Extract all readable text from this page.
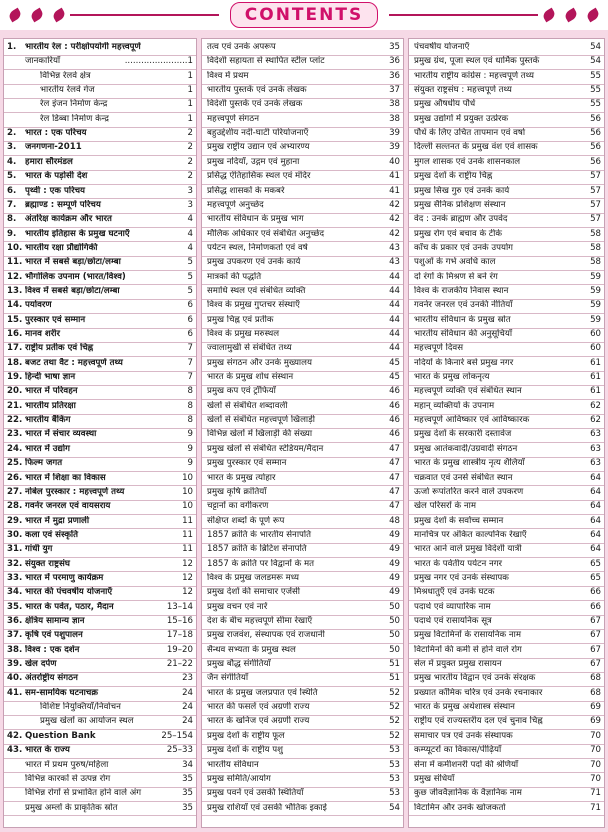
CONTENTS
1.	भारतीय रेल : परीक्षोपयोगी महत्त्वपूर्ण
जानकारियाँ	.......................1
विभिन्न रेलवे क्षेत्र	1
भारतीय रेलवे गेज	1
रेल इंजन निर्माण केन्द्र	1
रेल डिब्बा निर्माण केन्द्र	1
2.	भारत : एक परिचय	2
3.	जनगणना-2011	2
4.	हमारा सौरमंडल	2
5.	भारत के पड़ोसी देश	2
6.	पृथ्वी : एक परिचय	3
7.	ब्रह्माण्ड : सम्पूर्ण परिचय	3
8.	अंतरिक्ष कार्यक्रम और भारत	4
9.	भारतीय इतिहास के प्रमुख घटनाएँ	4
10. भारतीय रक्षा प्रौद्योगिकी	4
11. भारत में सबसे बड़ा/छोटा/लम्बा	5
12. भौगोलिक उपनाम (भारत/विश्व)	5
13. विश्व में सबसे बड़ा/छोटा/लम्बा	5
14. पर्यावरण	6
15. पुरस्कार एवं सम्मान	6
16. मानव शरीर	6
17. राष्ट्रीय प्रतीक एवं चिह्न	7
18. बजट तथा वैट : महत्त्वपूर्ण तथ्य	7
19. हिन्दी भाषा ज्ञान	7
20. भारत में परिवहन	8
21. भारतीय प्रतिरक्षा	8
22. भारतीय बैंकिंग	8
23. भारत में संचार व्यवस्था	9
24. भारत में उद्योग	9
25. फिल्म जगत	9
26. भारत में शिक्षा का विकास	10
27. नोबेल पुरस्कार : महत्त्वपूर्ण तथ्य	10
28. गवर्नर जनरल एवं वायसराय	10
29. भारत में मुद्रा प्रणाली	11
30. कला एवं संस्कृति	11
31. गांधी युग	11
32. संयुक्त राष्ट्रसंघ	12
33. भारत में परमाणु कार्यक्रम	12
34. भारत की पंचवर्षीय योजनाएँ	12
35. भारत के पर्वत, पठार, मैदान	13–14
36. क्षेत्रिय सामान्य ज्ञान	15–16
37. कृषि एवं पशुपालन	17–18
38. विश्व : एक दर्शन	19–20
39. खेल दर्पण	21–22
40. अंतर्राष्ट्रीय संगठन	23
41. सम-सामयिक घटनाचक्र	24
विशिष्ट नियुक्तियाँ/निर्वाचन	24
प्रमुख खेलों का आयोजन स्थल	24
42. Question Bank	25–154
43. भारत के राज्य	25–33
भारत में प्रथम पुरुष/महिला	34
विभिन्न कारकों से उत्पन्न रोग	35
विभिन्न रोगों से प्रभावित होने वाले अंग	35
प्रमुख अम्लों के प्राकृतिक स्रोत	35
तत्व एवं उनके अपरूप	35
विदेशी सहायता से स्थापित स्टील प्लांट	36
विश्व में प्रथम	36
भारतीय पुस्तकें एवं उनके लेखक	37
विदेशी पुस्तकें एवं उनके लेखक	38
महत्त्वपूर्ण संगठन	38
बहुउद्देशीय नदी-घाटी परियोजनाएँ	39
प्रमुख राष्ट्रीय उद्यान एवं अभ्यारण्य	39
प्रमुख नदियाँ, उद्गम एवं मुहाना	40
प्रसिद्ध ऐतिहासिक स्थल एवं मंदिर	41
प्रसिद्ध शासकों के मकबरे	41
महत्त्वपूर्ण अनुच्छेद	42
भारतीय संविधान के प्रमुख भाग	42
मौलिक अधिकार एवं संबंधित अनुच्छेद	42
पर्यटन स्थल, निर्माणकर्ता एवं वर्ष	43
प्रमुख उपकरण एवं उनके कार्य	43
मात्रकों की पद्धति	44
समाधि स्थल एवं संबंधित व्यक्ति	44
विश्व के प्रमुख गुप्तचर संस्थाएँ	44
प्रमुख चिह्न एवं प्रतीक	44
विश्व के प्रमुख मरुस्थल	44
ज्वालामुखी से संबंधित तथ्य	44
प्रमुख संगठन और उनके मुख्यालय	45
भारत के प्रमुख शोध संस्थान	45
प्रमुख कप एवं ट्रॉफियाँ	46
खेलों से संबंधित शब्दावली	46
खेलों से संबंधित महत्त्वपूर्ण खिलाड़ी	46
विभिन्न खेलों में खिलाड़ी की संख्या	46
प्रमुख खेलों से संबंधित स्टेडियम/मैदान	47
प्रमुख पुरस्कार एवं सम्मान	47
भारत के प्रमुख त्योहार	47
प्रमुख कृषि क्रांतियाँ	47
चट्टानों का वर्गीकरण	47
संक्षिप्त शब्दों के पूर्ण रूप	48
1857 क्रांति के भारतीय सेनापति	49
1857 क्रांति के ब्रिटिश सेनापति	49
1857 के क्रांति पर विद्वानों के मत	49
विश्व के प्रमुख जलडमरू मध्य	49
प्रमुख देशों की समाचार एजेंसी	49
प्रमुख वचन एवं नारें	50
देश के बीच महत्त्वपूर्ण सीमा रेखाएँ	50
प्रमुख राजवंश, संस्थापक एवं राजधानी	50
सैन्धव सभ्यता के प्रमुख स्थल	50
प्रमुख बौद्ध संगीतियाँ	51
जैन संगीतियाँ	51
भारत के प्रमुख जलप्रपात एवं स्थिति	52
भारत की फसलें एवं अग्रणी राज्य	52
भारत के खनिज एवं अग्रणी राज्य	52
प्रमुख देशों के राष्ट्रीय फूल	52
प्रमुख देशों के राष्ट्रीय पशु	53
भारतीय संविधान	53
प्रमुख समिति/आयोग	53
प्रमुख पवनें एवं उसकी स्थितियाँ	53
प्रमुख राशियाँ एवं उसकी भौतिक इकाई	54
पंचवर्षीय योजनाएँ	54
प्रमुख ग्रंथ, पूजा स्थल एवं धार्मिक पुस्तकें	54
भारतीय राष्ट्रीय कांग्रेस : महत्त्वपूर्ण तथ्य	55
संयुक्त राष्ट्रसंघ : महत्त्वपूर्ण तथ्य	55
प्रमुख औषधीय पौधें	55
प्रमुख उद्योगों में प्रयुक्त उत्प्रेरक	56
पौधें के लिए उचित तापमान एवं वर्षा	56
दिल्ली सल्तनत के प्रमुख वंश एवं शासक	56
मुगल शासक एवं उनके शासनकाल	56
प्रमुख देशों के राष्ट्रीय चिह्न	57
प्रमुख सिख गुरु एवं उनके कार्य	57
प्रमुख सैनिक प्रशिक्षण संस्थान	57
वेद : उनके ब्राह्मण और उपवेद	57
प्रमुख रोग एवं बचाव के टीके	58
काँच के प्रकार एवं उनके उपयोग	58
पशुओं के गर्भ अवधि काल	58
दो रंगों के मिश्रण से बने रंग	59
विश्व के राजकीय निवास स्थान	59
गवर्नर जनरल एवं उनकी नीतियाँ	59
भारतीय संविधान के प्रमुख स्रोत	59
भारतीय संविधान की अनुसूचियाँ	60
महत्त्वपूर्ण दिवस	60
नदियों के किनारे बसे प्रमुख नगर	61
भारत के प्रमुख लोकनृत्य	61
महत्त्वपूर्ण व्यक्ति एवं संबंधित स्थान	61
महान् व्यक्तियों के उपनाम	62
महत्त्वपूर्ण आविष्कार एवं आविष्कारक	62
प्रमुख देशों के सरकारी दस्तावेज	63
प्रमुख आतंकवादी/उग्रवादी संगठन	63
भारत के प्रमुख शास्त्रीय नृत्य शैलियाँ	63
चक्रवात एवं उनसे संबंधित स्थान	64
ऊर्जा रूपांतरित करने वाले उपकरण	64
खेल परिसरों के नाम	64
प्रमुख देशों के सर्वोच्च सम्मान	64
मानचित्र पर अंकित काल्पनिक रेखाएँ	64
भारत आने वाले प्रमुख विदेशी यात्री	64
भारत के पर्वतीय पर्यटन नगर	65
प्रमुख नगर एवं उनके संस्थापक	65
मिश्रधातुएँ एवं उनके घटक	66
पदार्थ एवं व्यापारिक नाम	66
पदार्थ एवं रासायनिक सूत्र	67
प्रमुख विटामिनों के रासायनिक नाम	67
विटामिनों की कमी से होने वाले रोग	67
सेल में प्रयुक्त प्रमुख रासायन	67
प्रमुख भारतीय विद्वान एवं उनके संरक्षक	68
प्रख्यात कॉमिक चरित्र एवं उनके रचनाकार	68
भारत के प्रमुख अर्थशास्त्र संस्थान	69
राष्ट्रीय एवं राज्यस्तरीय दल एवं चुनाव चिह्न	69
समाचार पत्र एवं उनके संस्थापक	70
कम्प्यूटरों का विकास/पीढ़ियाँ	70
सेना में कमीशनरी पदों की श्रेणियाँ	70
प्रमुख संधियाँ	70
कुछ जीववैज्ञानिक के वैज्ञानिक नाम	71
विटामिन और उनके खोजकर्ता	71
